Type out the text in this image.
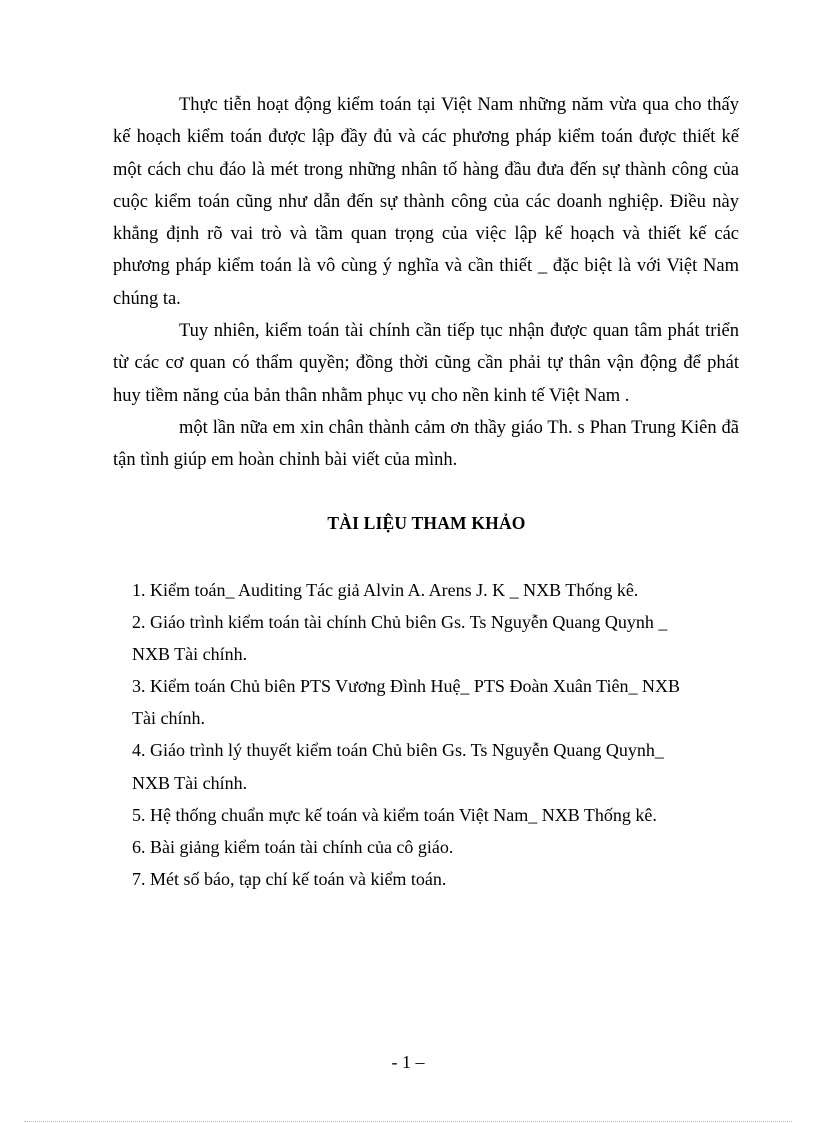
Thực tiễn hoạt động kiểm toán tại Việt Nam những năm vừa qua cho thấy kế hoạch kiểm toán được lập đầy đủ và các phương pháp kiểm toán được thiết kế một cách chu đáo là mét trong những nhân tố hàng đầu đưa đến sự thành công của cuộc kiểm toán cũng như dẫn đến sự thành công của các doanh nghiệp. Điều này khẳng định rõ vai trò và tầm quan trọng của việc lập kế hoạch và thiết kế các phương pháp kiểm toán là vô cùng ý nghĩa và cần thiết _ đặc biệt là với Việt Nam chúng ta.

Tuy nhiên, kiểm toán tài chính cần tiếp tục nhận được quan tâm phát triển từ các cơ quan có thẩm quyền; đồng thời cũng cần phải tự thân vận động để phát huy tiềm năng của bản thân nhằm phục vụ cho nền kinh tế Việt Nam .

một lần nữa em xin chân thành cảm ơn thầy giáo Th. s Phan Trung Kiên đã tận tình giúp em hoàn chỉnh bài viết của mình.

TÀI LIỆU THAM KHẢO
1. Kiểm toán_ Auditing Tác giả Alvin A. Arens J. K _ NXB Thống kê.
2. Giáo trình kiểm toán tài chính Chủ biên Gs. Ts Nguyễn Quang Quynh _
NXB Tài chính.
3. Kiểm toán Chủ biên PTS Vương Đình Huệ_ PTS Đoàn Xuân Tiên_ NXB
Tài chính.
4. Giáo trình lý thuyết kiểm toán Chủ biên Gs. Ts Nguyễn Quang Quynh_
NXB Tài chính.
5. Hệ thống chuẩn mực kế toán và kiểm toán Việt Nam_ NXB Thống kê.
6. Bài giảng kiểm toán tài chính của cô giáo.
7. Mét số báo, tạp chí kế toán và kiểm toán.
- 1 –
